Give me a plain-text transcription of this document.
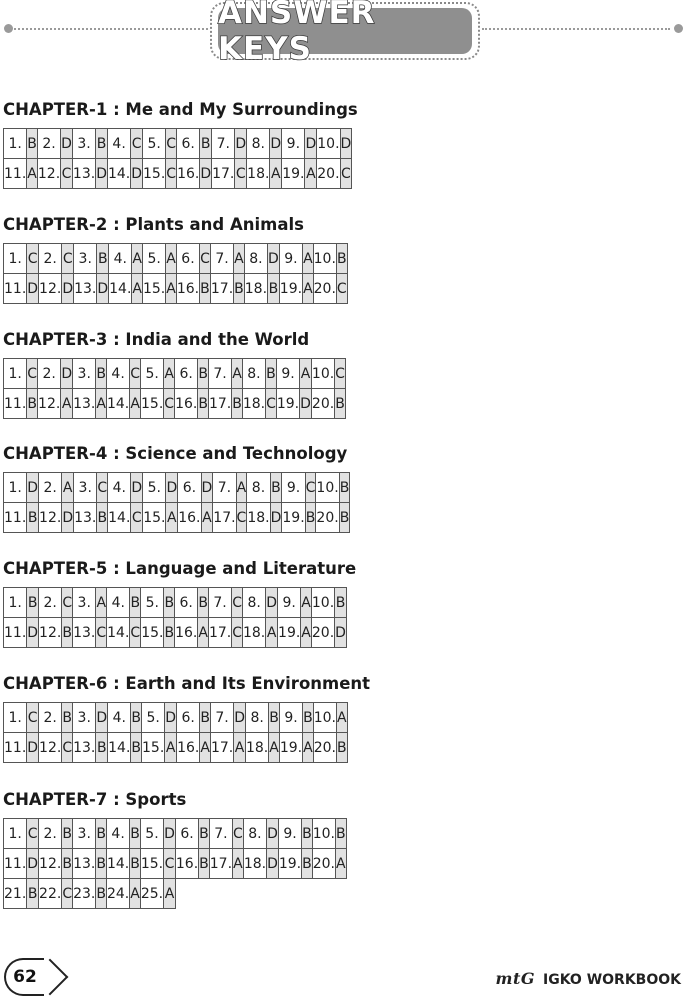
ANSWER KEYS
CHAPTER-1 : Me and My Surroundings
1.	B	2.	D	3.	B	4.	C	5.	C	6.	B	7.	D	8.	D	9.	D	10.	D
11.	A	12.	C	13.	D	14.	D	15.	C	16.	D	17.	C	18.	A	19.	A	20.	C
CHAPTER-2 : Plants and Animals
1.	C	2.	C	3.	B	4.	A	5.	A	6.	C	7.	A	8.	D	9.	A	10.	B
11.	D	12.	D	13.	D	14.	A	15.	A	16.	B	17.	B	18.	B	19.	A	20.	C
CHAPTER-3 : India and the World
1.	C	2.	D	3.	B	4.	C	5.	A	6.	B	7.	A	8.	B	9.	A	10.	C
11.	B	12.	A	13.	A	14.	A	15.	C	16.	B	17.	B	18.	C	19.	D	20.	B
CHAPTER-4 : Science and Technology
1.	D	2.	A	3.	C	4.	D	5.	D	6.	D	7.	A	8.	B	9.	C	10.	B
11.	B	12.	D	13.	B	14.	C	15.	A	16.	A	17.	C	18.	D	19.	B	20.	B
CHAPTER-5 : Language and Literature
1.	B	2.	C	3.	A	4.	B	5.	B	6.	B	7.	C	8.	D	9.	A	10.	B
11.	D	12.	B	13.	C	14.	C	15.	B	16.	A	17.	C	18.	A	19.	A	20.	D
CHAPTER-6 : Earth and Its Environment
1.	C	2.	B	3.	D	4.	B	5.	D	6.	B	7.	D	8.	B	9.	B	10.	A
11.	D	12.	C	13.	B	14.	B	15.	A	16.	A	17.	A	18.	A	19.	A	20.	B
CHAPTER-7 : Sports
1.	C	2.	B	3.	B	4.	B	5.	D	6.	B	7.	C	8.	D	9.	B	10.	B
11.	D	12.	B	13.	B	14.	B	15.	C	16.	B	17.	A	18.	D	19.	B	20.	A
21.	B	22.	C	23.	B	24.	A	25.	A										
62	mtG IGKO WORKBOOK
